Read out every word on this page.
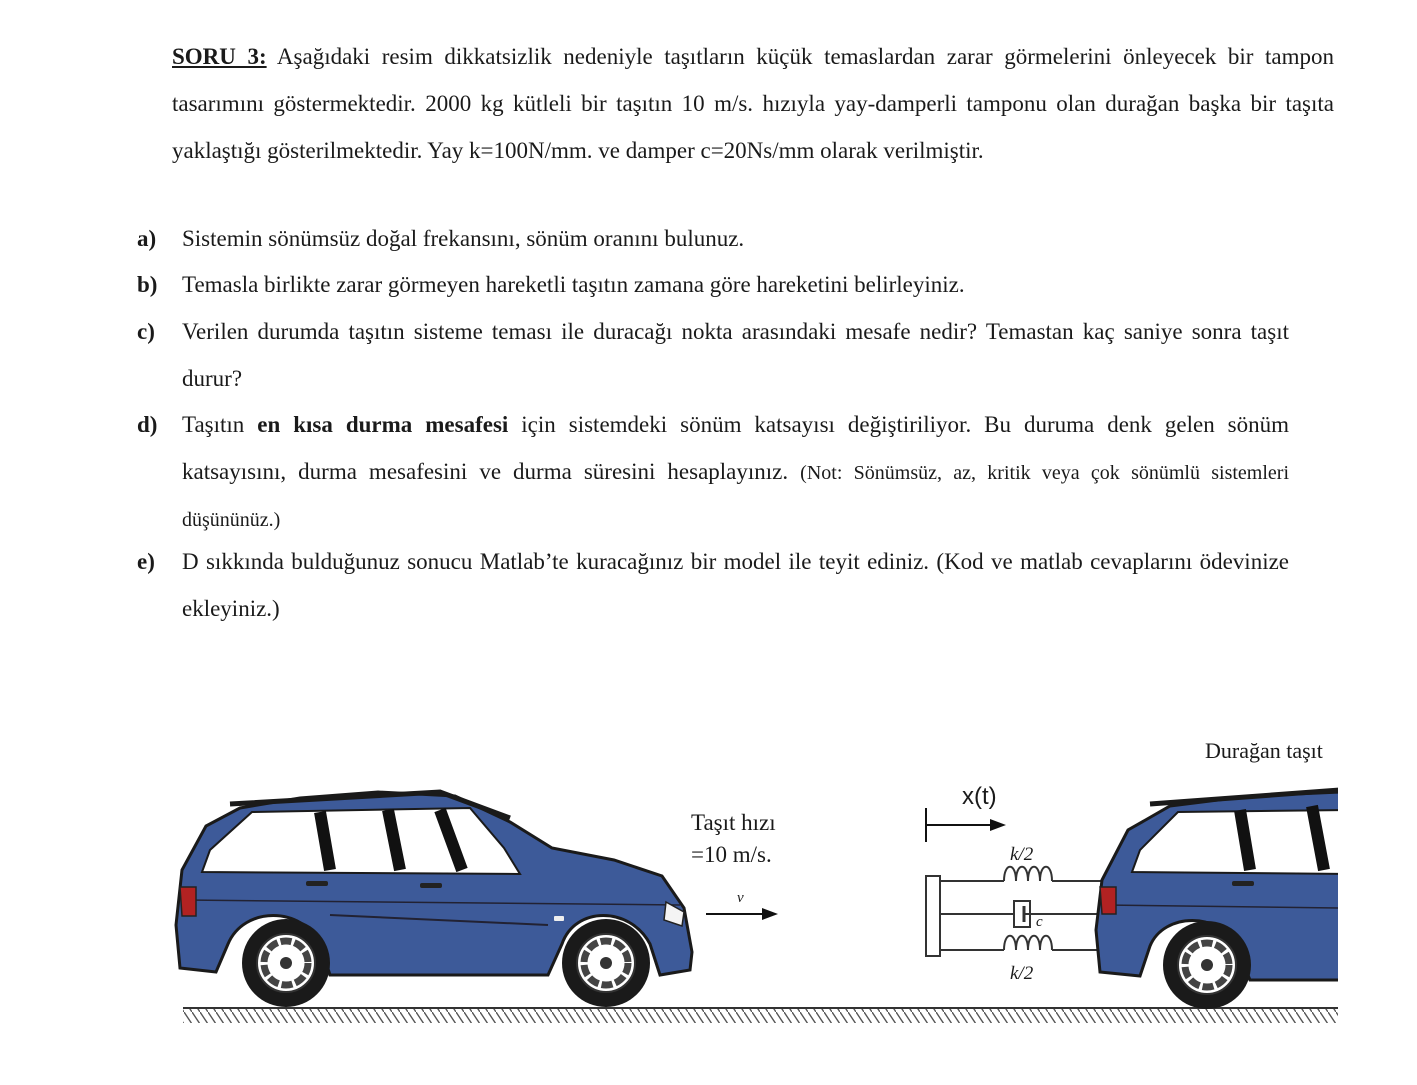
SORU 3: Aşağıdaki resim dikkatsizlik nedeniyle taşıtların küçük temaslardan zarar görmelerini önleyecek bir tampon tasarımını göstermektedir. 2000 kg kütleli bir taşıtın 10 m/s. hızıyla yay-damperli tamponu olan durağan başka bir taşıta yaklaştığı gösterilmektedir. Yay k=100N/mm. ve damper c=20Ns/mm olarak verilmiştir.
a) Sistemin sönümsüz doğal frekansını, sönüm oranını bulunuz.
b) Temasla birlikte zarar görmeyen hareketli taşıtın zamana göre hareketini belirleyiniz.
c) Verilen durumda taşıtın sisteme teması ile duracağı nokta arasındaki mesafe nedir? Temastan kaç saniye sonra taşıt durur?
d) Taşıtın en kısa durma mesafesi için sistemdeki sönüm katsayısı değiştiriliyor. Bu duruma denk gelen sönüm katsayısını, durma mesafesini ve durma süresini hesaplayınız. (Not: Sönümsüz, az, kritik veya çok sönümlü sistemleri düşününüz.)
e) D sıkkında bulduğunuz sonucu Matlab’te kuracağınız bir model ile teyit ediniz. (Kod ve matlab cevaplarını ödevinize ekleyiniz.)
Durağan taşıt
Taşıt hızı
=10 m/s.
v
x(t)
k/2
c
k/2
